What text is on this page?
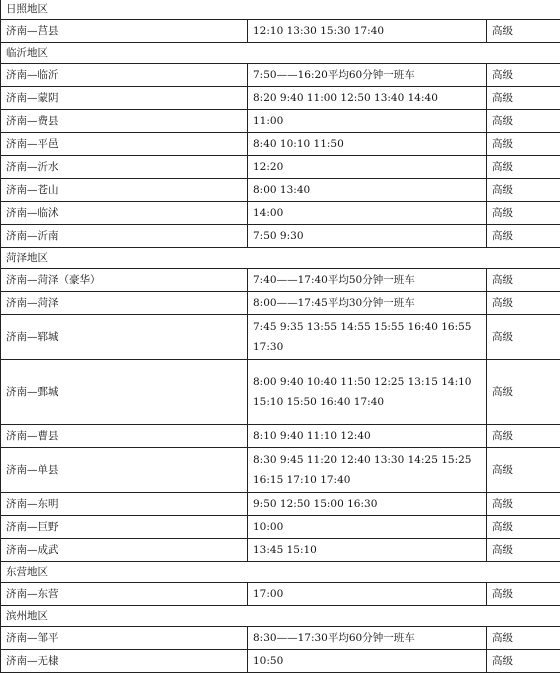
日照地区		
济南—莒县	12:10 13:30 15:30 17:40	高级
临沂地区		
济南—临沂	7:50——16:20平均60分钟一班车	高级
济南—蒙阴	8:20 9:40 11:00 12:50 13:40 14:40	高级
济南—费县	11:00	高级
济南—平邑	8:40 10:10 11:50	高级
济南—沂水	12:20	高级
济南—苍山	8:00 13:40	高级
济南—临沭	14:00	高级
济南—沂南	7:50 9:30	高级
菏泽地区		
济南—菏泽（豪华）	7:40——17:40平均50分钟一班车	高级
济南—菏泽	8:00——17:45平均30分钟一班车	高级
济南—郓城	7:45 9:35 13:55 14:55 15:55 16:40 16:55 17:30	高级
济南—鄄城	8:00 9:40 10:40 11:50 12:25 13:15 14:10 15:10 15:50 16:40 17:40	高级
济南—曹县	8:10 9:40 11:10 12:40	高级
济南—单县	8:30 9:45 11:20 12:40 13:30 14:25 15:25 16:15 17:10 17:40	高级
济南—东明	9:50 12:50 15:00 16:30	高级
济南—巨野	10:00	高级
济南—成武	13:45 15:10	高级
东营地区		
济南—东营	17:00	高级
滨州地区		
济南—邹平	8:30——17:30平均60分钟一班车	高级
济南—无棣	10:50	高级
